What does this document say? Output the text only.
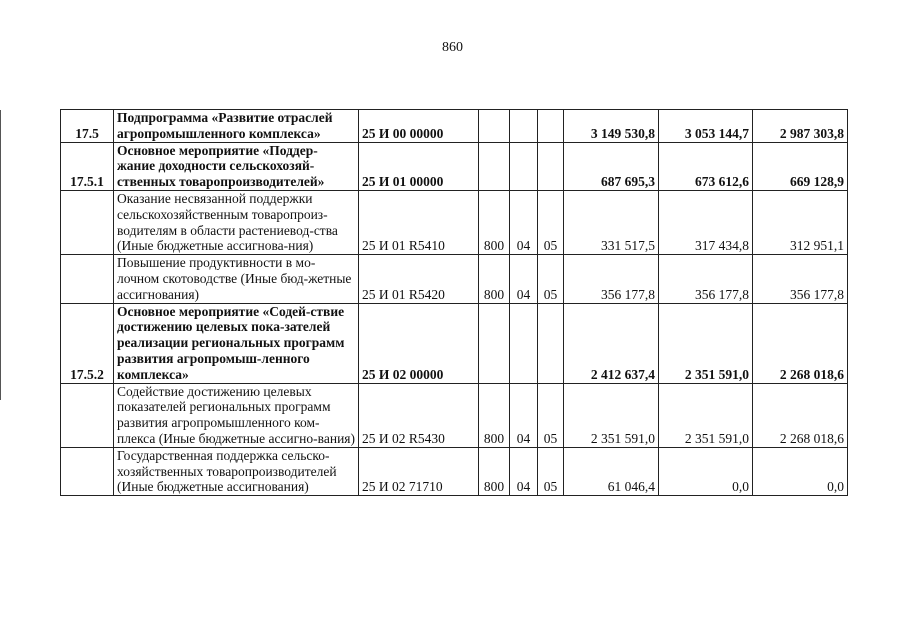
860
17.5	Подпрограмма «Развитие отраслей агропромышленного комплекса»	25 И 00 00000				3 149 530,8	3 053 144,7	2 987 303,8
17.5.1	Основное мероприятие «Поддер-жание доходности сельскохозяй-ственных товаропроизводителей»	25 И 01 00000				687 695,3	673 612,6	669 128,9
	Оказание несвязанной поддержки сельскохозяйственным товаропроиз-водителям в области растениевод-ства (Иные бюджетные ассигнова-ния)	25 И 01 R5410	800	04	05	331 517,5	317 434,8	312 951,1
	Повышение продуктивности в мо-лочном скотоводстве (Иные бюд-жетные ассигнования)	25 И 01 R5420	800	04	05	356 177,8	356 177,8	356 177,8
17.5.2	Основное мероприятие «Содей-ствие достижению целевых пока-зателей реализации региональных программ развития агропромыш-ленного комплекса»	25 И 02 00000				2 412 637,4	2 351 591,0	2 268 018,6
	Содействие достижению целевых показателей региональных программ развития агропромышленного ком-плекса (Иные бюджетные ассигно-вания)	25 И 02 R5430	800	04	05	2 351 591,0	2 351 591,0	2 268 018,6
	Государственная поддержка сельско-хозяйственных товаропроизводителей (Иные бюджетные ассигнования)	25 И 02 71710	800	04	05	61 046,4	0,0	0,0
